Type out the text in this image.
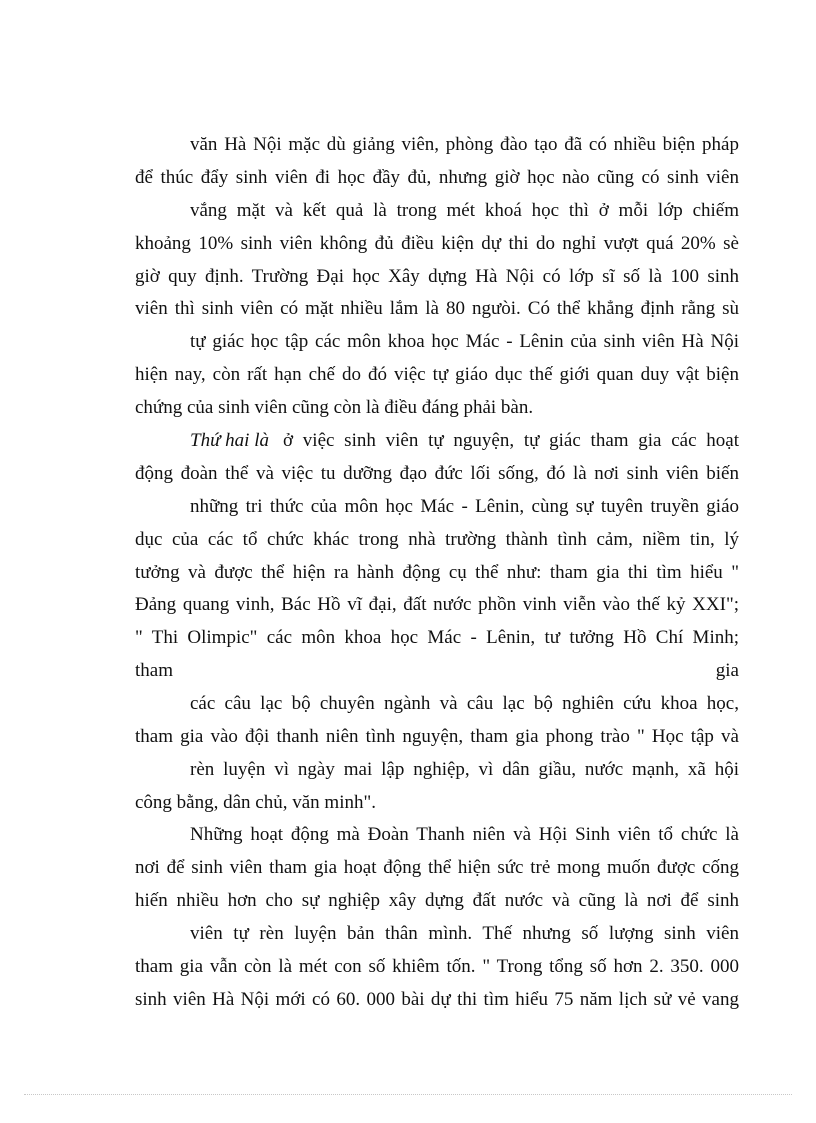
văn Hà Nội mặc dù giảng viên, phòng đào tạo đã có nhiều biện pháp
để thúc đẩy sinh viên đi học đầy đủ, nhưng giờ học nào cũng có sinh viên
vắng mặt và kết quả là trong mét khoá học thì ở mỗi lớp chiếm
khoảng 10% sinh viên không đủ điều kiện dự thi do nghỉ vượt quá 20% sè
giờ quy định. Trường Đại học Xây dựng Hà Nội có lớp sĩ số là 100 sinh
viên thì sinh viên có mặt nhiều lắm là 80 ngưòi. Có thể khẳng định rằng sù
tự giác học tập các môn khoa học Mác - Lênin của sinh viên Hà Nội
hiện nay, còn rất hạn chế do đó việc tự giáo dục thế giới quan duy vật biện
chứng của sinh viên cũng còn là điều đáng phải bàn.
Thứ hai là ở việc sinh viên tự nguyện, tự giác tham gia các hoạt
động đoàn thể và việc tu dưỡng đạo đức lối sống, đó là nơi sinh viên biến
những tri thức của môn học Mác - Lênin, cùng sự tuyên truyền giáo
dục của các tổ chức khác trong nhà trường thành tình cảm, niềm tin, lý
tưởng và được thể hiện ra hành động cụ thể như: tham gia thi tìm hiểu "
Đảng quang vinh, Bác Hồ vĩ đại, đất nước phồn vinh viễn vào thế kỷ XXI";
" Thi Olimpic" các môn khoa học Mác - Lênin, tư tưởng Hồ Chí Minh;
tham	gia
các câu lạc bộ chuyên ngành và câu lạc bộ nghiên cứu khoa học,
tham gia vào đội thanh niên tình nguyện, tham gia phong trào " Học tập và
rèn luyện vì ngày mai lập nghiệp, vì dân giầu, nước mạnh, xã hội
công bằng, dân chủ, văn minh".
Những hoạt động mà Đoàn Thanh niên và Hội Sinh viên tổ chức là
nơi để sinh viên tham gia hoạt động thể hiện sức trẻ mong muốn được cống
hiến nhiều hơn cho sự nghiệp xây dựng đất nước và cũng là nơi để sinh
viên tự rèn luyện bản thân mình. Thế nhưng số lượng sinh viên
tham gia vẫn còn là mét con số khiêm tốn. " Trong tổng số hơn 2. 350. 000
sinh viên Hà Nội mới có 60. 000 bài dự thi tìm hiểu 75 năm lịch sử vẻ vang
